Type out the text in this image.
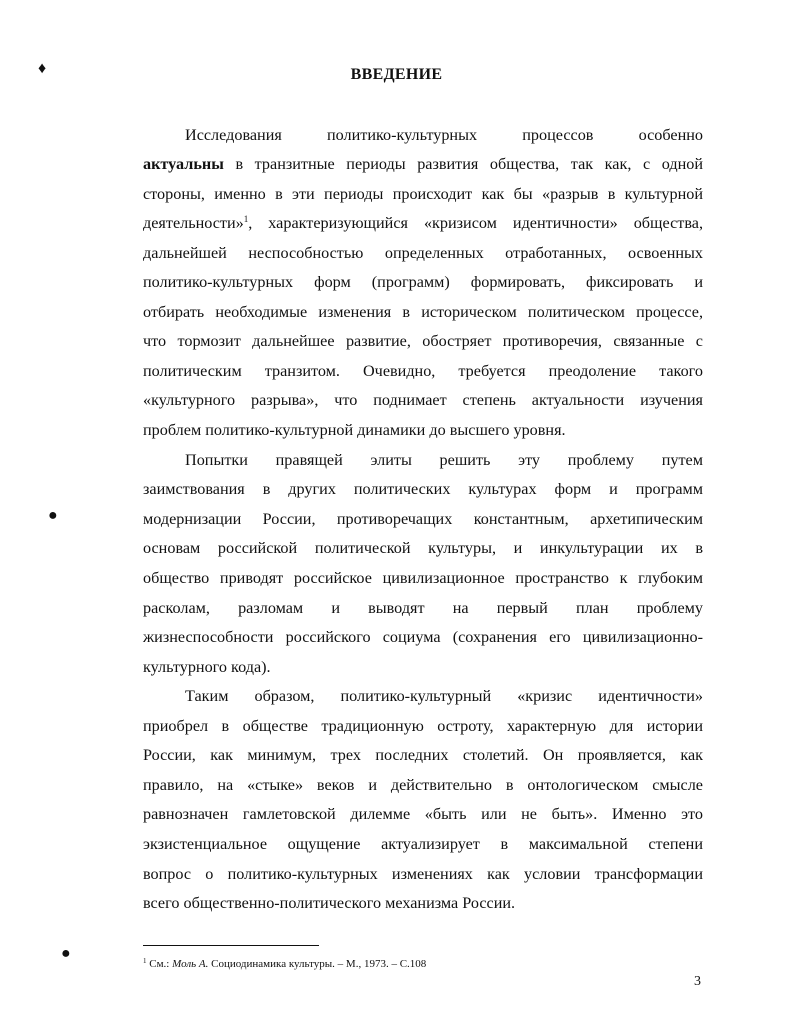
♦
●
●
ВВЕДЕНИЕ
Исследования политико-культурных процессов особенно
актуальны в транзитные периоды развития общества, так как, с одной
стороны, именно в эти периоды происходит как бы «разрыв в культурной
деятельности»$^1$, характеризующийся «кризисом идентичности» общества,
дальнейшей неспособностью определенных отработанных, освоенных
политико-культурных форм (программ) формировать, фиксировать и
отбирать необходимые изменения в историческом политическом процессе,
что тормозит дальнейшее развитие, обостряет противоречия, связанные с
политическим транзитом. Очевидно, требуется преодоление такого
«культурного разрыва», что поднимает степень актуальности изучения
проблем политико-культурной динамики до высшего уровня.
Попытки правящей элиты решить эту проблему путем
заимствования в других политических культурах форм и программ
модернизации России, противоречащих константным, архетипическим
основам российской политической культуры, и инкультурации их в
общество приводят российское цивилизационное пространство к глубоким
расколам, разломам и выводят на первый план проблему
жизнеспособности российского социума (сохранения его цивилизационно-
культурного кода).
Таким образом, политико-культурный «кризис идентичности»
приобрел в обществе традиционную остроту, характерную для истории
России, как минимум, трех последних столетий. Он проявляется, как
правило, на «стыке» веков и действительно в онтологическом смысле
равнозначен гамлетовской дилемме «быть или не быть». Именно это
экзистенциальное ощущение актуализирует в максимальной степени
вопрос о политико-культурных изменениях как условии трансформации
всего общественно-политического механизма России.
$^1$ См.: Моль А. Социодинамика культуры. – М., 1973. – С.108
3
